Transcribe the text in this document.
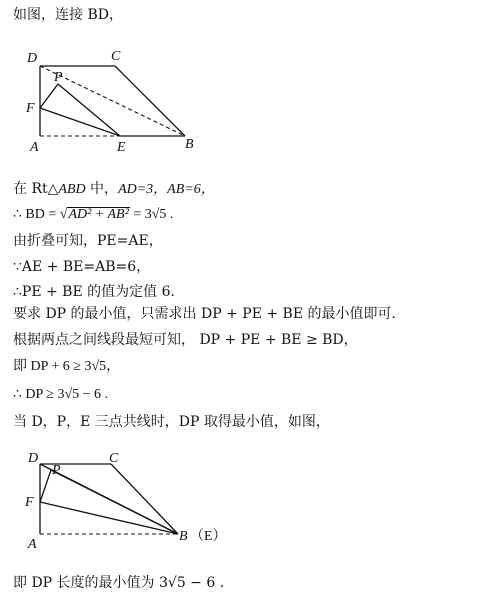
如图，连接 BD，
D	C
P
F
A	E	B
在 Rt△ABD 中，AD=3，AB=6，
∴ BD = √AD² + AB² = 3√5 .
由折叠可知，PE=AE，
∵AE + BE=AB=6，
∴PE + BE 的值为定值 6．
要求 DP 的最小值，只需求出 DP + PE + BE 的最小值即可．
根据两点之间线段最短可知， DP + PE + BE ≥ BD，
即 DP + 6 ≥ 3√5，
∴ DP ≥ 3√5 − 6 .
当 D，P，E 三点共线时，DP 取得最小值，如图，
D	C
P
F
A
B （E）
即 DP 长度的最小值为 3√5 − 6 .
